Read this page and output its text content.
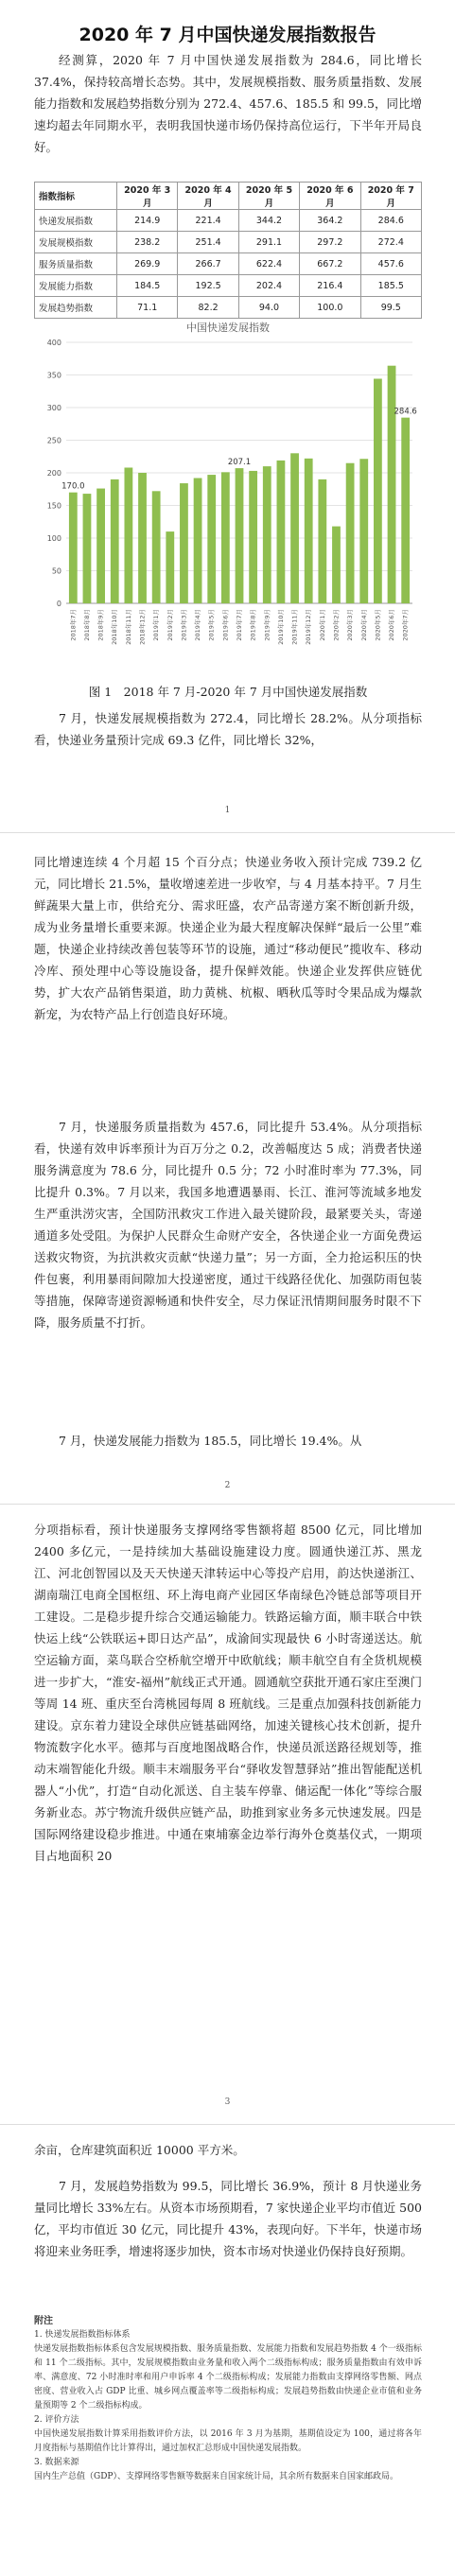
2020 年 7 月中国快递发展指数报告

经测算，2020 年 7 月中国快递发展指数为 284.6，同比增长 37.4%，保持较高增长态势。其中，发展规模指数、服务质量指数、发展能力指数和发展趋势指数分别为 272.4、457.6、185.5 和 99.5，同比增速均超去年同期水平，表明我国快递市场仍保持高位运行，下半年开局良好。

指数指标	2020 年 3 月	2020 年 4 月	2020 年 5 月	2020 年 6 月	2020 年 7 月
快递发展指数	214.9	221.4	344.2	364.2	284.6
发展规模指数	238.2	251.4	291.1	297.2	272.4
服务质量指数	269.9	266.7	622.4	667.2	457.6
发展能力指数	184.5	192.5	202.4	216.4	185.5
发展趋势指数	71.1	82.2	94.0	100.0	99.5
中国快递发展指数
0
50
100
150
200
250
300
350
400
2018年7月
170.0
2018年8月 2018年9月 2018年10月 2018年11月 2018年12月 2019年1月 2019年2月 2019年3月 2019年4月 2019年5月 2019年6月 2019年7月
207.1
2019年8月 2019年9月 2019年10月 2019年11月 2019年12月 2020年1月 2020年2月 2020年3月 2020年4月 2020年5月 2020年6月 2020年7月
284.6
图 1　2018 年 7 月-2020 年 7 月中国快递发展指数

7 月，快递发展规模指数为 272.4，同比增长 28.2%。从分项指标看，快递业务量预计完成 69.3 亿件，同比增长 32%，

1

同比增速连续 4 个月超 15 个百分点；快递业务收入预计完成 739.2 亿元，同比增长 21.5%，量收增速差进一步收窄，与 4 月基本持平。7 月生鲜蔬果大量上市，供给充分、需求旺盛，农产品寄递方案不断创新升级，成为业务量增长重要来源。快递企业为最大程度解决保鲜“最后一公里”难题，快递企业持续改善包装等环节的设施，通过“移动便民”揽收车、移动冷库、预处理中心等设施设备，提升保鲜效能。快递企业发挥供应链优势，扩大农产品销售渠道，助力黄桃、杭椒、晒秋瓜等时令果品成为爆款新宠，为农特产品上行创造良好环境。

7 月，快递服务质量指数为 457.6，同比提升 53.4%。从分项指标看，快递有效申诉率预计为百万分之 0.2，改善幅度达 5 成；消费者快递服务满意度为 78.6 分，同比提升 0.5 分；72 小时准时率为 77.3%，同比提升 0.3%。7 月以来，我国多地遭遇暴雨、长江、淮河等流域多地发生严重洪涝灾害，全国防汛救灾工作进入最关键阶段，最紧要关头，寄递通道多处受阻。为保护人民群众生命财产安全，各快递企业一方面免费运送救灾物资，为抗洪救灾贡献“快递力量”；另一方面，全力抢运积压的快件包裹，利用暴雨间隙加大投递密度，通过干线路径优化、加强防雨包装等措施，保障寄递资源畅通和快件安全，尽力保证汛情期间服务时限不下降，服务质量不打折。

7 月，快递发展能力指数为 185.5，同比增长 19.4%。从

2

分项指标看，预计快递服务支撑网络零售额将超 8500 亿元，同比增加 2400 多亿元，一是持续加大基础设施建设力度。圆通快递江苏、黑龙江、河北创智园以及天天快递天津转运中心等投产启用，韵达快递浙江、湖南瑞江电商全国枢纽、环上海电商产业园区华南绿色冷链总部等项目开工建设。二是稳步提升综合交通运输能力。铁路运输方面，顺丰联合中铁快运上线“公铁联运+即日达产品”，成渝间实现最快 6 小时寄递送达。航空运输方面，菜鸟联合空桥航空增开中欧航线；顺丰航空自有全货机规模进一步扩大，“淮安-福州”航线正式开通。圆通航空获批开通石家庄至澳门等周 14 班、重庆至台湾桃园每周 8 班航线。三是重点加强科技创新能力建设。京东着力建设全球供应链基础网络，加速关键核心技术创新，提升物流数字化水平。德邦与百度地图战略合作，快递员派送路径规划等，推动末端智能化升级。顺丰末端服务平台“驿收发智慧驿站”推出智能配送机器人“小优”，打造“自动化派送、自主装车停靠、储运配一体化”等综合服务新业态。苏宁物流升级供应链产品，助推到家业务多元快速发展。四是国际网络建设稳步推进。中通在柬埔寨金边举行海外仓奠基仪式，一期项目占地面积 20

3

余亩，仓库建筑面积近 10000 平方米。

7 月，发展趋势指数为 99.5，同比增长 36.9%，预计 8 月快递业务量同比增长 33%左右。从资本市场预期看，7 家快递企业平均市值近 500 亿，平均市值近 30 亿元，同比提升 43%，表现向好。下半年，快递市场将迎来业务旺季，增速将逐步加快，资本市场对快递业仍保持良好预期。

附注

1. 快递发展指数指标体系

快递发展指数指标体系包含发展规模指数、服务质量指数、发展能力指数和发展趋势指数 4 个一级指标和 11 个二级指标。其中，发展规模指数由业务量和收入两个二级指标构成；服务质量指数由有效申诉率、满意度、72 小时准时率和用户申诉率 4 个二级指标构成；发展能力指数由支撑网络零售额、网点密度、营业收入占 GDP 比重、城乡网点覆盖率等二级指标构成；发展趋势指数由快递企业市值和业务量预期等 2 个二级指标构成。

2. 评价方法

中国快递发展指数计算采用指数评价方法，以 2016 年 3 月为基期，基期值设定为 100，通过将各年月度指标与基期值作比计算得出，通过加权汇总形成中国快递发展指数。

3. 数据来源

国内生产总值（GDP）、支撑网络零售额等数据来自国家统计局，其余所有数据来自国家邮政局。
